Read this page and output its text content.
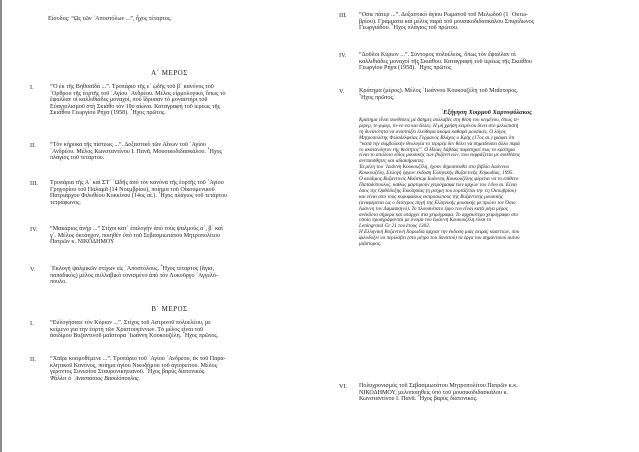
Είσοδος: “Ως τῶν ᾿Αποστόλων ...”, ἦχος τέταρτος.

Α΄ ΜΕΡΟΣ
I.	“Ὁ ἐκ τῆς Βηθσαϊδὰ ...”. Τροπάριο τῆς ε΄ ᾠδῆς τοῦ β΄ κανόνος τοῦ
΄Ορθρου τῆς ἑορτῆς τοῦ ῾Αγίου ᾿Ανδρέου. Μέλος εἱρμολογικό, ὅπως τὸ
ἔψαλλαν οἱ καλλιθιάδες μοναχοί, ποὺ ἵδρυσαν τὸ μοναστήρι τοῦ
Εὐαγγελισμοῦ στὴ Σκιάθο τὸν 19ο αἰώνα. Καταγραφὴ τοῦ ἱερέως τῆς
Σκιάθου Γεωργίου Ρήγα (1958). ῏Ηχος πρῶτος.
II. “Τὸν κήρυκα τῆς πίστεως ...”. Δοξαστικὸ τῶν Αἴνων τοῦ ῾Αγίου
᾿Ανδρέου. Μέλος Κωνσταντίνου Ι. Πανᾶ, Μουσικοδιδασκάλου. ῏Ηχος
πλάγιος τοῦ τετάρτου.
III. Τροπάρια τῆς Α΄ καὶ ΣΤ΄ ᾿Ωδῆς ἀπὸ τὸν κανόνα τῆς ἑορτῆς τοῦ ῾Αγίου
Γρηγορίου τοῦ Παλαμᾶ (14 Νοεμβρίου), ποίημα τοῦ Οἰκουμενικοῦ
Πατριάρχου Φιλοθέου Κοκκίνου (14ος αἰ.). ῏Ηχος πλάγιος τοῦ τετάρτου
τετράφωνος.
IV. “Μακάριος ἀνὴρ ...” Στίχοι κατ᾿ ἐπιλογὴν ἀπὸ τοὺς ψαλμοὺς α΄, β΄ καὶ
γ΄. Μέλος ὀκτάηχον, ποιηθὲν ὑπὸ τοῦ Σεβασμιωτάτου Μητροπολίτου
Πατρῶν κ. ΝΙΚΟΔΗΜΟΥ
V. ᾿Εκλογὴ ψαλμικῶν στίχων εἰς ᾿Αποστόλους. ῏Ηχος τέταρτος (ἅγια,
παπαδικὸς) μέλος συλλαβικὸ τονισμένο ἀπὸ τὸν Λυκοῦργο ᾿Αγγελό-
πουλο.
Β΄ ΜΕΡΟΣ
I.	“Εὐλογήσατε τὸν Κύριον ...”. Στίχος τοῦ Αστρινοῦ πολυελέου, με
κείμενο για την ἑορτή τῶν Χριστουγέννων. Τὸ μέλος εἶναι τοῦ
ἀοιδίμου Βυζαντινοῦ μαΐστορα ᾿Ιωάννη Κουκουζέλη. ῏Ηχος πρῶτος.
II. “Χαῖρε κοσμοθέμενε ...”. Τροπάριο τοῦ ῾Αγίου ᾿Ανδρέου, ἐκ τοῦ Παρα-
κλητικοῦ Κανόνος, ποίημα ἁγίου Νικοδήμου τοῦ ἁγιορείτου. Μέλος
γέροντος Συνεσίου Σταυρονικητιανοῦ. ῏Ηχος βαρὺς διατονικός.
Ψάλλει ὁ ᾿Αναστάσιος Βασιλόπουλος.
III. “Οσιε πάτερ ...”. Δοξαστικὸ ἁγίου Ρωμανοῦ τοῦ Μελῳδοῦ (1 ᾿Οκτω-
βρίου). Γράμματα καὶ μέλος παρὰ τοῦ μουσικοδιδασκάλου Σπυρίδωνος
Γεωργιάδου. ῏Ηχος πλάγιος τοῦ πρώτου.
IV. “Δοῦλοι Κύριον ...”. Σύντομος πολυέλεος, ὅπως τὸν ἔψαλλαν οἱ
καλλιθιάδες μοναχοὶ τῆς Σκιάθου. Καταγραφὴ τοῦ ἱερέως τῆς Σκιάθου
Γεωργίου Ρήγα (1958). ῏Ηχος πρῶτος
V. Κράτημα (μέρος). Μέλος ᾿Ιωάννου Κουκουζέλη τοῦ Μαΐστορος.
῏Ηχος πρῶτος.
᾿Εξήγηση Χοιρμοῦ Χαρτοφύλακος
Κράτημα εἶναι συνθέσεις με ἄσημες συλλαβές στη θέση του κειμένου, ὅπως τε-
ρερεμ, τε-ριρεμ, το-νε-να και ἄλλες. Η μή χρήση κειμένου δίνει στο μελωπιστὴ
τη δυνατότητα να αναπτύξει ἐλεύθερα ακόμα καθαρὰ μουσικές. Ο λόγος
Μητροπολίτης Φιλαδελφείας Γερμανός Βλάχος ο Κρὴς (17ος αι.) γράφει ὅτι
“κατὰ την συμβολικὴν θεολογία το τεριρὲμ δεν θέλει να σημαδεύσει ἄλλο παρὰ
το ακατανόητον της θεότητος”. Ο Ηλίας Λάβδας παρατηρεί πως το κράτημα
είναι το απόλυτο εἶδος μουσικής των βυζαντινών, που εκφράζεται με συνθέσεις
ανεπαισθητες και αδιακήρυκτες.
Τα μέλη του ᾿Ιωάννη Κουκουζέλη, έχουν δημοσιευθεί στο βιβλίο Ιωάννου
Κουκουζέλη, Εκλογή έργων ἐκδοση Ελληνικής Βυζαντινής Χορωδίας, 1995.
Ο αοίδιμος Βυζαντινός Μαΐστωρ Ιωάννης Κουκουζέλης φέρεται να το επίθετο
Παπαδόπουλος, καθώς μαρτυρούν χειρόγραφα των αρχών του 14ου αι. Είναι
ὅσος της Ορθόδοξης Εκκλησίας (η μνήμη του εορτάζεται την 1η Οκτωβρίου)
και είναι από τους κορυφαίους εκπροσώπους της Βυζαντινής μουσικής
(αναφέρεται ως ο δεύτερος πηγή της Ελληνικής μουσικής με πρώτο τον Όσιο
Ιωάννη τον Δαμασκηνό). Το πλουσιότατο έργο του εἶναι κατὰ μέγα μέρος
ανέκδοτο σήμερα και υπάρχει στα χειρόγραφα. Το αρχαιότερο χειρόγραφο στο
οποίο προσγράφονται με όνομα του Ιωάννη Κουκουζέλη είναι το
Leningrand Gr 21 του έτους 1302.
Η Ελληνική Βυζαντινή Χορωδία άρχισε την έκδοση μιάς σειράς κασεττών, που
φιλοδοξεί να περιλάβει (στο μέτρο του δυνατού) τα έργα του σημαντικού αυτού
μαΐστορος.
VI. Πολυχρονισμὸς τοῦ Σεβασμιωτάτου Μητροπολίτου Πατρῶν κ.κ.
ΝΙΚΟΔΗΜΟΥ, μελοποιηθεὶς ὑπὸ τοῦ μουσικοδιδασκάλου κ.
Κωνσταντίνου Ι. Πανᾶ. ῏Ηχος βαρὺς διατονικός.
